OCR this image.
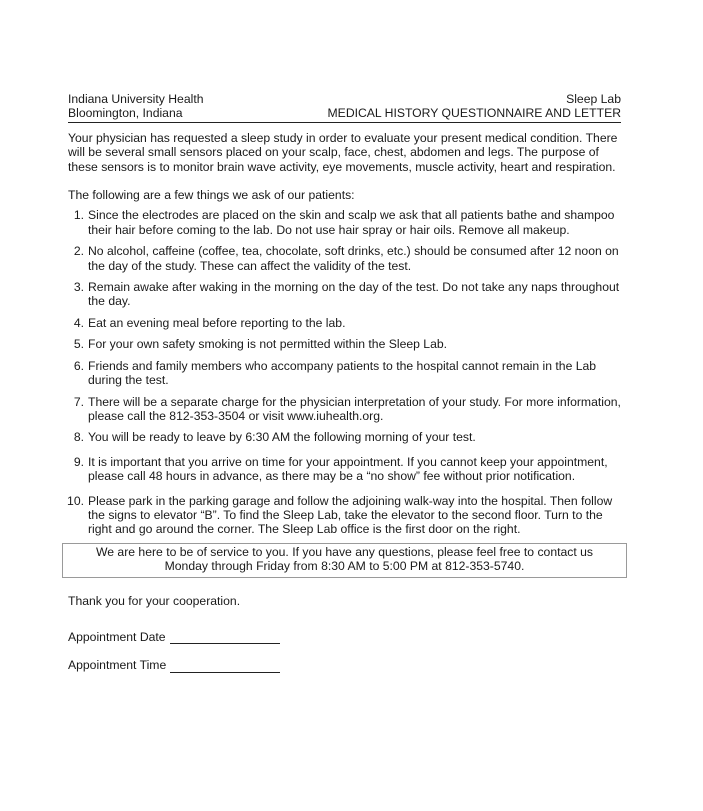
Indiana University Health
Bloomington, Indiana
Sleep Lab
MEDICAL HISTORY QUESTIONNAIRE AND LETTER

Your physician has requested a sleep study in order to evaluate your present medical condition. There will be several small sensors placed on your scalp, face, chest, abdomen and legs. The purpose of these sensors is to monitor brain wave activity, eye movements, muscle activity, heart and respiration.

The following are a few things we ask of our patients:

1. Since the electrodes are placed on the skin and scalp we ask that all patients bathe and shampoo their hair before coming to the lab. Do not use hair spray or hair oils. Remove all makeup.
2. No alcohol, caffeine (coffee, tea, chocolate, soft drinks, etc.) should be consumed after 12 noon on the day of the study. These can affect the validity of the test.
3. Remain awake after waking in the morning on the day of the test. Do not take any naps throughout the day.
4. Eat an evening meal before reporting to the lab.
5. For your own safety smoking is not permitted within the Sleep Lab.
6. Friends and family members who accompany patients to the hospital cannot remain in the Lab during the test.
7. There will be a separate charge for the physician interpretation of your study. For more information, please call the 812-353-3504 or visit www.iuhealth.org.
8. You will be ready to leave by 6:30 AM the following morning of your test.
9. It is important that you arrive on time for your appointment. If you cannot keep your appointment, please call 48 hours in advance, as there may be a “no show” fee without prior notification.
10. Please park in the parking garage and follow the adjoining walk-way into the hospital. Then follow the signs to elevator “B”. To find the Sleep Lab, take the elevator to the second floor. Turn to the right and go around the corner. The Sleep Lab office is the first door on the right.
We are here to be of service to you. If you have any questions, please feel free to contact us
Monday through Friday from 8:30 AM to 5:00 PM at 812-353-5740.
Thank you for your cooperation.
Appointment Date
Appointment Time
